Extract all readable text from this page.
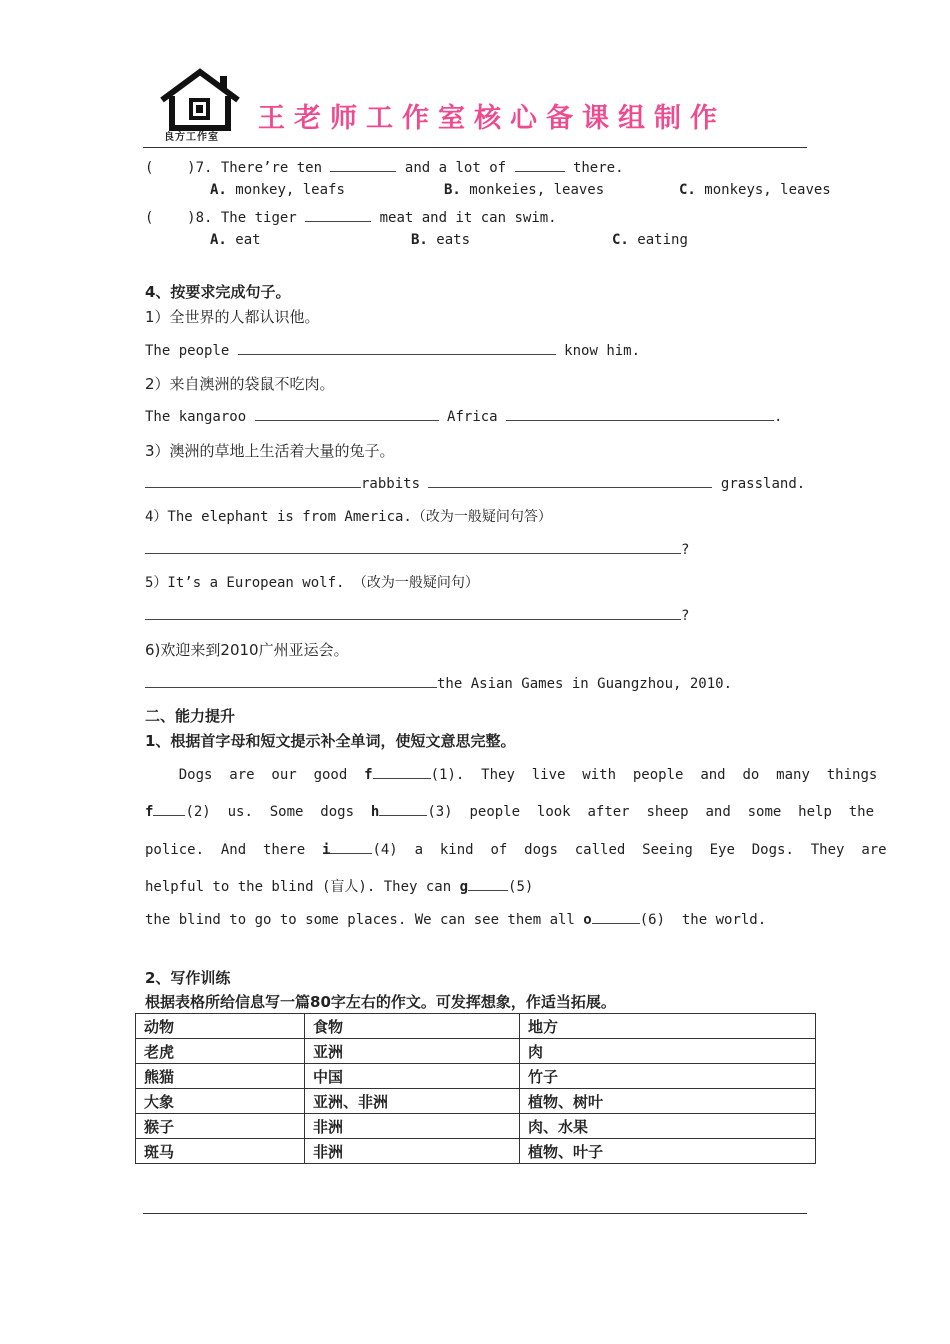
良方工作室
王老师工作室核心备课组制作
(    )7. There’re ten	and a lot of	there.
A. monkey, leafs	B. monkeies, leaves	C. monkeys, leaves
(    )8. The tiger	meat and it can swim.
A. eat	B. eats	C. eating
4、按要求完成句子。
1）全世界的人都认识他。
The people	know him.
2）来自澳洲的袋鼠不吃肉。
The kangaroo	Africa	.
3）澳洲的草地上生活着大量的兔子。
rabbits	grassland.
4）The elephant is from America.（改为一般疑问句答）
?
5）It’s a European wolf. （改为一般疑问句）
?
6)欢迎来到2010广州亚运会。
the Asian Games in Guangzhou, 2010.
二、能力提升
1、根据首字母和短文提示补全单词，使短文意思完整。
Dogs  are  our  good  f	(1).  They  live  with  people  and  do  many  things
f (2)  us.  Some  dogs  h	(3)  people  look  after  sheep  and  some  help  the
police.  And  there  i	(4)  a  kind  of  dogs  called  Seeing  Eye  Dogs.  They  are
helpful to the blind (盲人). They can g	(5)
the blind to go to some places. We can see them all o	(6)  the world.
2、写作训练
根据表格所给信息写一篇80字左右的作文。可发挥想象，作适当拓展。
动物	食物	地方
老虎	亚洲	肉
熊猫	中国	竹子
大象	亚洲、非洲	植物、树叶
猴子	非洲	肉、水果
斑马	非洲	植物、叶子
